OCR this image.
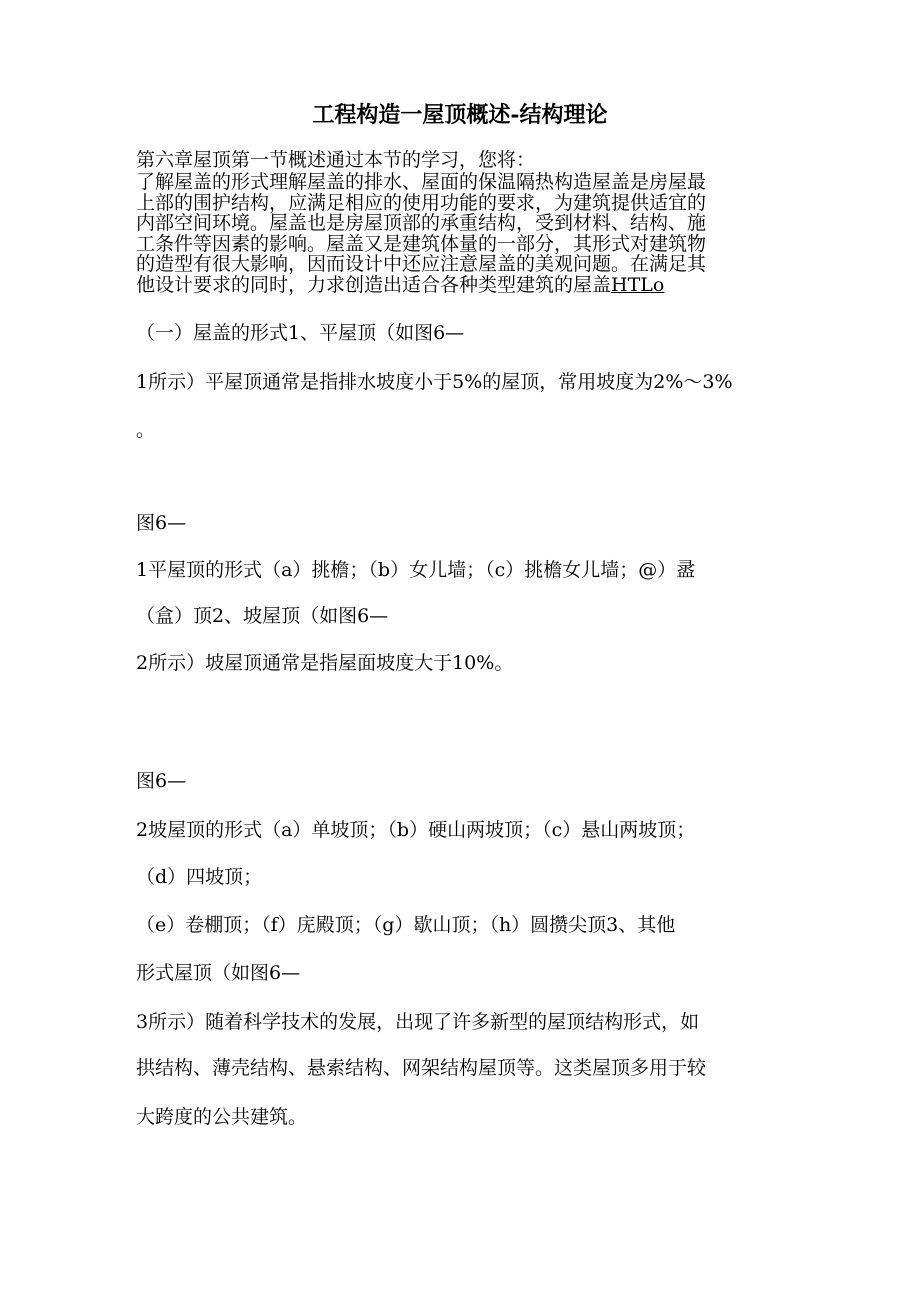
工程构造一屋顶概述-结构理论
第六章屋顶第一节概述通过本节的学习，您将：
了解屋盖的形式理解屋盖的排水、屋面的保温隔热构造屋盖是房屋最
上部的围护结构，应满足相应的使用功能的要求，为建筑提供适宜的
内部空间环境。屋盖也是房屋顶部的承重结构，受到材料、结构、施
工条件等因素的影响。屋盖又是建筑体量的一部分，其形式对建筑物
的造型有很大影响，因而设计中还应注意屋盖的美观问题。在满足其
他设计要求的同时，力求创造出适合各种类型建筑的屋盖HTLo
（一）屋盖的形式1、平屋顶（如图6—
1所示）平屋顶通常是指排水坡度小于5%的屋顶，常用坡度为2%～3%
。
图6—
1平屋顶的形式（a）挑檐；（b）女儿墙；（c）挑檐女儿墙；@）盝
（盒）顶2、坡屋顶（如图6—
2所示）坡屋顶通常是指屋面坡度大于10%。
图6—
2坡屋顶的形式（a）单坡顶；（b）硬山两坡顶；（c）悬山两坡顶；
（d）四坡顶；
（e）卷棚顶；（f）庑殿顶；（g）歇山顶；（h）圆攒尖顶3、其他
形式屋顶（如图6—
3所示）随着科学技术的发展，出现了许多新型的屋顶结构形式，如
拱结构、薄壳结构、悬索结构、网架结构屋顶等。这类屋顶多用于较
大跨度的公共建筑。
